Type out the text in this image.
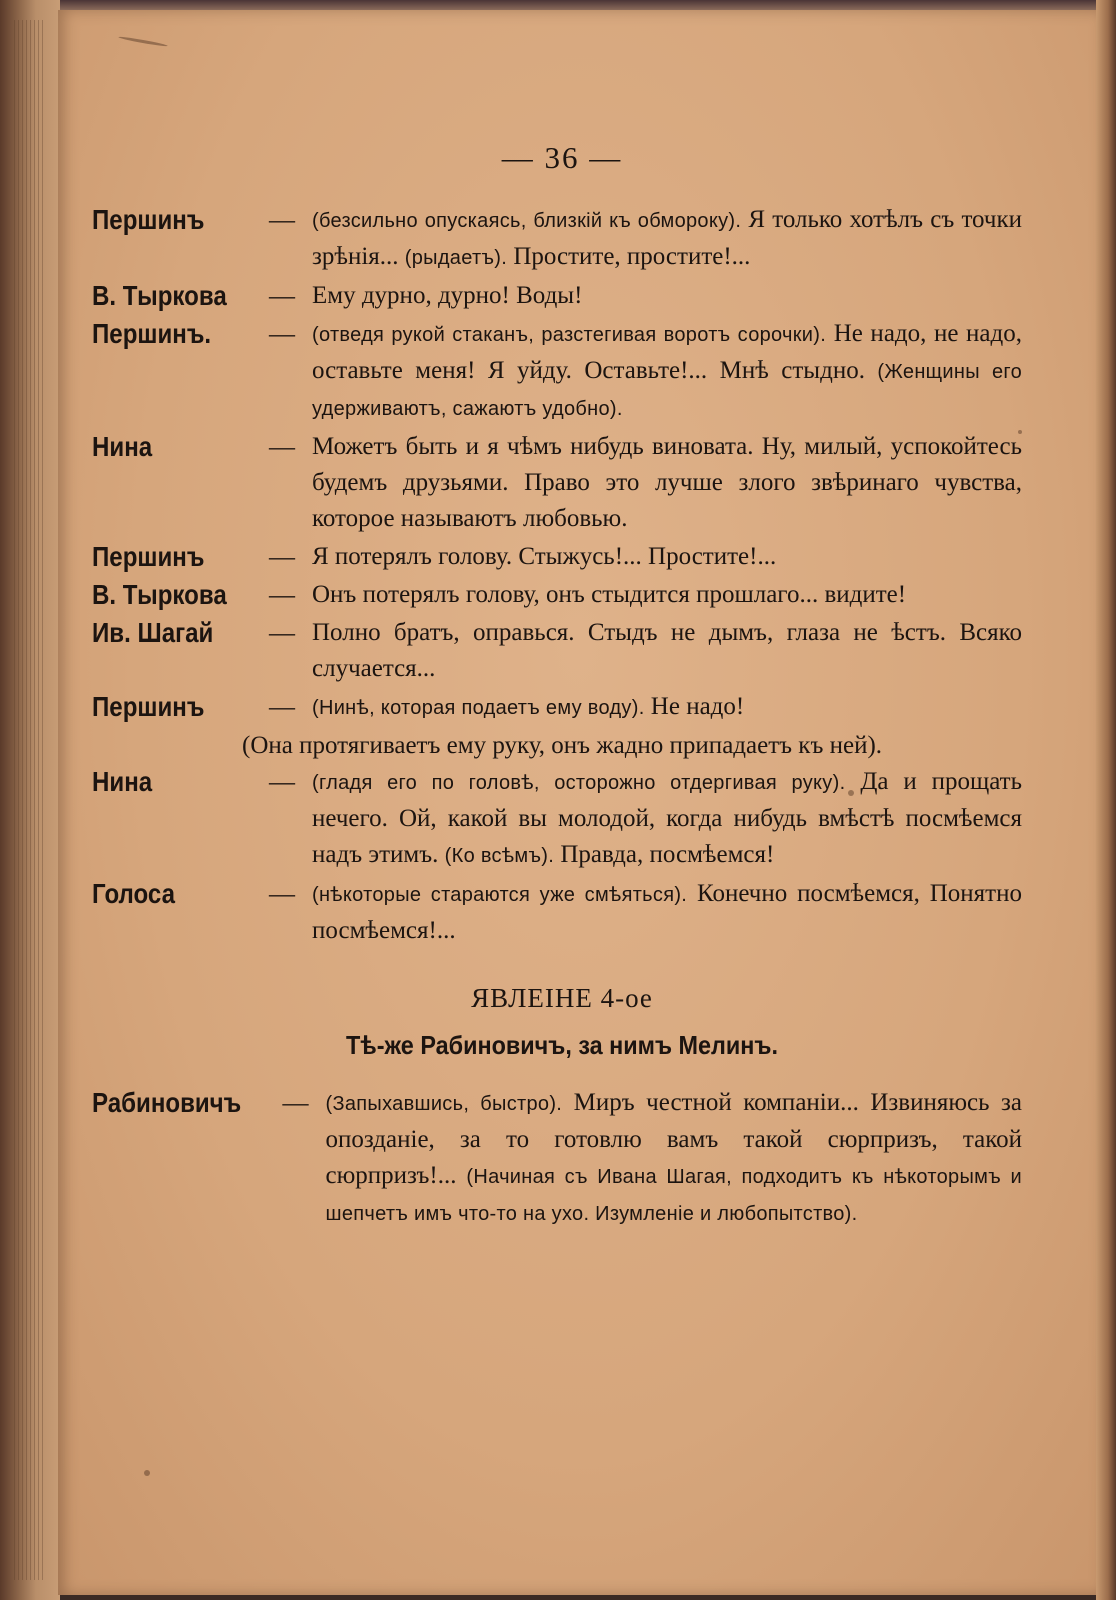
— 36 —
Першинъ	— (безсильно опускаясь, близкій къ обмороку). Я только хотѣлъ съ точки зрѣнія... (рыдаетъ). Простите, простите!...
В. Тыркова	— Ему дурно, дурно! Воды!
Першинъ.	— (отведя рукой стаканъ, разстегивая воротъ сорочки). Не надо, не надо, оставьте меня! Я уйду. Оставьте!... Мнѣ стыдно. (Женщины его удерживаютъ, сажаютъ удобно).
Нина	— Можетъ быть и я чѣмъ нибудь виновата. Ну, милый, успокойтесь будемъ друзьями. Право это лучше злого звѣринаго чувства, которое называютъ любовью.
Першинъ	— Я потерялъ голову. Стыжусь!... Простите!...
В. Тыркова	— Онъ потерялъ голову, онъ стыдится прошлаго... видите!
Ив. Шагай	— Полно братъ, оправься. Стыдъ не дымъ, глаза не ѣстъ. Всяко случается...
Першинъ	— (Нинѣ, которая подаетъ ему воду). Не надо!
(Она протягиваетъ ему руку, онъ жадно припадаетъ къ ней).
Нина	— (гладя его по головѣ, осторожно отдергивая руку). Да и прощать нечего. Ой, какой вы молодой, когда нибудь вмѣстѣ посмѣемся надъ этимъ. (Ко всѣмъ). Правда, посмѣемся!
Голоса	— (нѣкоторые стараются уже смѣяться). Конечно посмѣемся, Понятно посмѣемся!...
ЯВЛЕІНЕ 4-ое
Тѣ-же Рабиновичъ, за нимъ Мелинъ.
Рабиновичъ	— (Запыхавшись, быстро). Миръ честной компаніи... Извиняюсь за опозданіе, за то готовлю вамъ такой сюрпризъ, такой сюрпризъ!... (Начиная съ Ивана Шагая, подходитъ къ нѣкоторымъ и шепчетъ имъ что-то на ухо. Изумленіе и любопытство).
